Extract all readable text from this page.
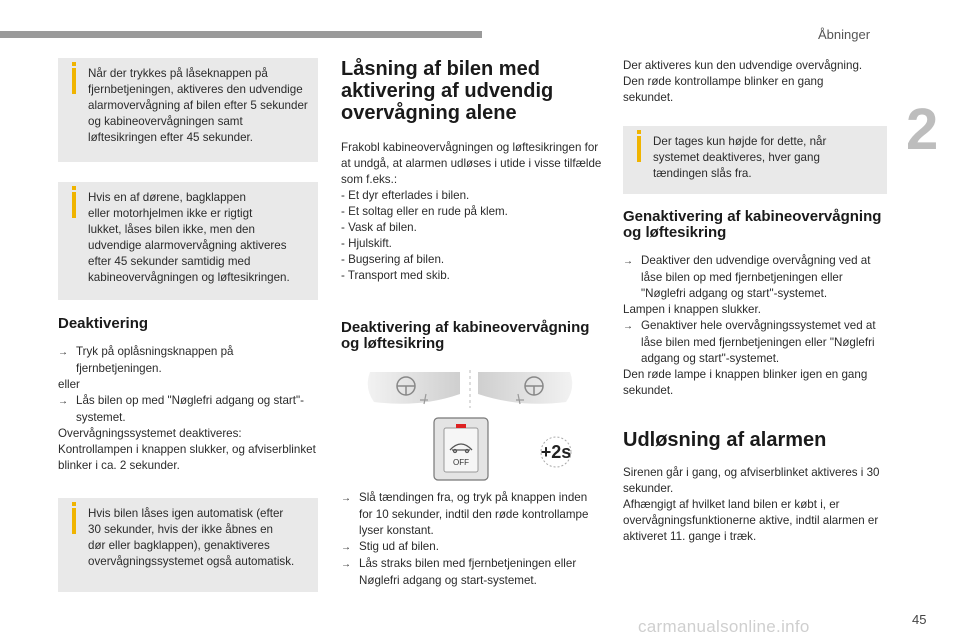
Åbninger
2

Når der trykkes på låseknappen på fjernbetjeningen, aktiveres den udvendige alarmovervågning af bilen efter 5 sekunder og kabineovervågningen samt løftesikringen efter 45 sekunder.

Hvis en af dørene, bagklappen
eller motorhjelmen ikke er rigtigt
lukket, låses bilen ikke, men den
udvendige alarmovervågning aktiveres
efter 45 sekunder samtidig med
kabineovervågningen og løftesikringen.

Deaktivering
→ Tryk på oplåsningsknappen på fjernbetjeningen.
eller
→ Lås bilen op med "Nøglefri adgang og start"-systemet.
Overvågningssystemet deaktiveres:
Kontrollampen i knappen slukker, og afviserblinket blinker i ca. 2 sekunder.

Hvis bilen låses igen automatisk (efter
30 sekunder, hvis der ikke åbnes en
dør eller bagklappen), genaktiveres
overvågningssystemet også automatisk.

Låsning af bilen med aktivering af udvendig overvågning alene

Frakobl kabineovervågningen og løftesikringen for at undgå, at alarmen udløses i utide i visse tilfælde som f.eks.:

- Et dyr efterlades i bilen.
- Et soltag eller en rude på klem.
- Vask af bilen.
- Hjulskift.
- Bugsering af bilen.
- Transport med skib.
Deaktivering af kabineovervågning og løftesikring
OFF
+2s
→ Slå tændingen fra, og tryk på knappen inden for 10 sekunder, indtil den røde kontrollampe lyser konstant.
→ Stig ud af bilen.
→ Lås straks bilen med fjernbetjeningen eller Nøglefri adgang og start-systemet.
Der aktiveres kun den udvendige overvågning.
Den røde kontrollampe blinker en gang
sekundet.

Der tages kun højde for dette, når
systemet deaktiveres, hver gang
tændingen slås fra.

Genaktivering af kabineovervågning og løftesikring
→ Deaktiver den udvendige overvågning ved at låse bilen op med fjernbetjeningen eller "Nøglefri adgang og start"-systemet.
Lampen i knappen slukker.
→ Genaktiver hele overvågningssystemet ved at låse bilen med fjernbetjeningen eller "Nøglefri adgang og start"-systemet.
Den røde lampe i knappen blinker igen en gang sekundet.
Udløsning af alarmen
Sirenen går i gang, og afviserblinket aktiveres i 30 sekunder.
Afhængigt af hvilket land bilen er købt i, er overvågningsfunktionerne aktive, indtil alarmen er aktiveret 11. gange i træk.
carmanualsonline.info	45
